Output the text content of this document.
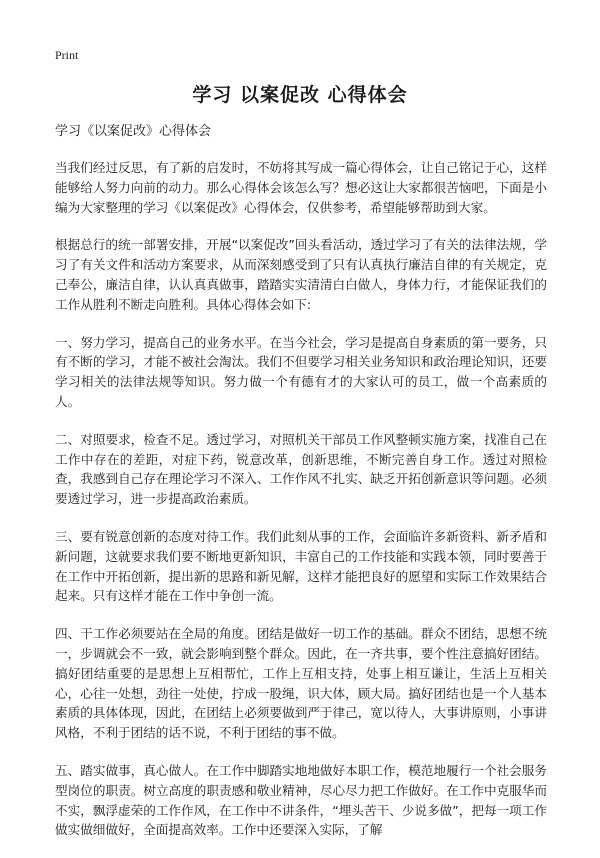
Print
学习 以案促改 心得体会
学习《以案促改》心得体会

当我们经过反思，有了新的启发时，不妨将其写成一篇心得体会，让自己铭记于心，这样能够给人努力向前的动力。那么心得体会该怎么写？想必这让大家都很苦恼吧，下面是小编为大家整理的学习《以案促改》心得体会，仅供参考，希望能够帮助到大家。

根据总行的统一部署安排，开展“以案促改”回头看活动，透过学习了有关的法律法规，学习了有关文件和活动方案要求，从而深刻感受到了只有认真执行廉洁自律的有关规定，克己奉公，廉洁自律，认认真真做事，踏踏实实清清白白做人，身体力行，才能保证我们的工作从胜利不断走向胜利。具体心得体会如下:

一、努力学习，提高自己的业务水平。在当今社会，学习是提高自身素质的第一要务，只有不断的学习，才能不被社会淘汰。我们不但要学习相关业务知识和政治理论知识，还要学习相关的法律法规等知识。努力做一个有德有才的大家认可的员工，做一个高素质的人。

二、对照要求，检查不足。透过学习，对照机关干部员工作风整顿实施方案，找准自己在工作中存在的差距，对症下药，锐意改革，创新思维，不断完善自身工作。透过对照检查，我感到自己存在理论学习不深入、工作作风不扎实、缺乏开拓创新意识等问题。必须要透过学习，进一步提高政治素质。

三、要有锐意创新的态度对待工作。我们此刻从事的工作，会面临许多新资料、新矛盾和新问题，这就要求我们要不断地更新知识，丰富自己的工作技能和实践本领，同时要善于在工作中开拓创新，提出新的思路和新见解，这样才能把良好的愿望和实际工作效果结合起来。只有这样才能在工作中争创一流。

四、干工作必须要站在全局的角度。团结是做好一切工作的基础。群众不团结，思想不统一，步调就会不一致，就会影响到整个群众。因此，在一齐共事，要个性注意搞好团结。搞好团结重要的是思想上互相帮忙，工作上互相支持，处事上相互谦让，生活上互相关心，心往一处想，劲往一处使，拧成一股绳，识大体，顾大局。搞好团结也是一个人基本素质的具体体现，因此，在团结上必须要做到严于律己，宽以待人，大事讲原则，小事讲风格，不利于团结的话不说，不利于团结的事不做。

五、踏实做事，真心做人。在工作中脚踏实地地做好本职工作，模范地履行一个社会服务型岗位的职责。树立高度的职责感和敬业精神，尽心尽力把工作做好。在工作中克服华而不实，飘浮虚荣的工作作风，在工作中不讲条件，“埋头苦干、少说多做”，把每一项工作做实做细做好，全面提高效率。工作中还要深入实际，了解
